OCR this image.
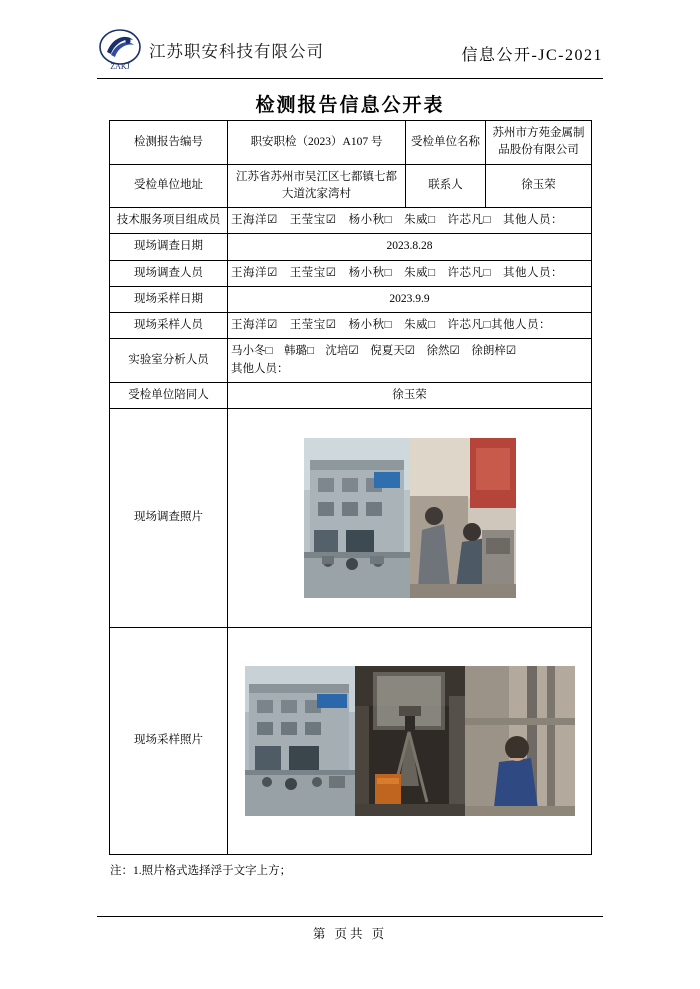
ZAKJ
江苏职安科技有限公司	信息公开-JC-2021
检测报告信息公开表
检测报告编号	职安职检（2023）A107 号	受检单位名称	苏州市方苑金属制品股份有限公司
受检单位地址	江苏省苏州市吴江区七都镇七都大道沈家湾村	联系人	徐玉荣
技术服务项目组成员	王海洋☑　王莹宝☑　杨小秋□　朱威□　许芯凡□　其他人员：		
现场调查日期	2023.8.28		
现场调查人员	王海洋☑　王莹宝☑　杨小秋□　朱威□　许芯凡□　其他人员：		
现场采样日期	2023.9.9		
现场采样人员	王海洋☑　王莹宝☑　杨小秋□　朱威□　许芯凡□其他人员：		
实验室分析人员	马小冬□　韩璐□　沈培☑　倪夏天☑　徐然☑　徐朗梓☑
其他人员：		

受检单位陪同人	徐玉荣		
现场调查照片	

现场采样照片	
注：1.照片格式选择浮于文字上方；
第 页共 页
